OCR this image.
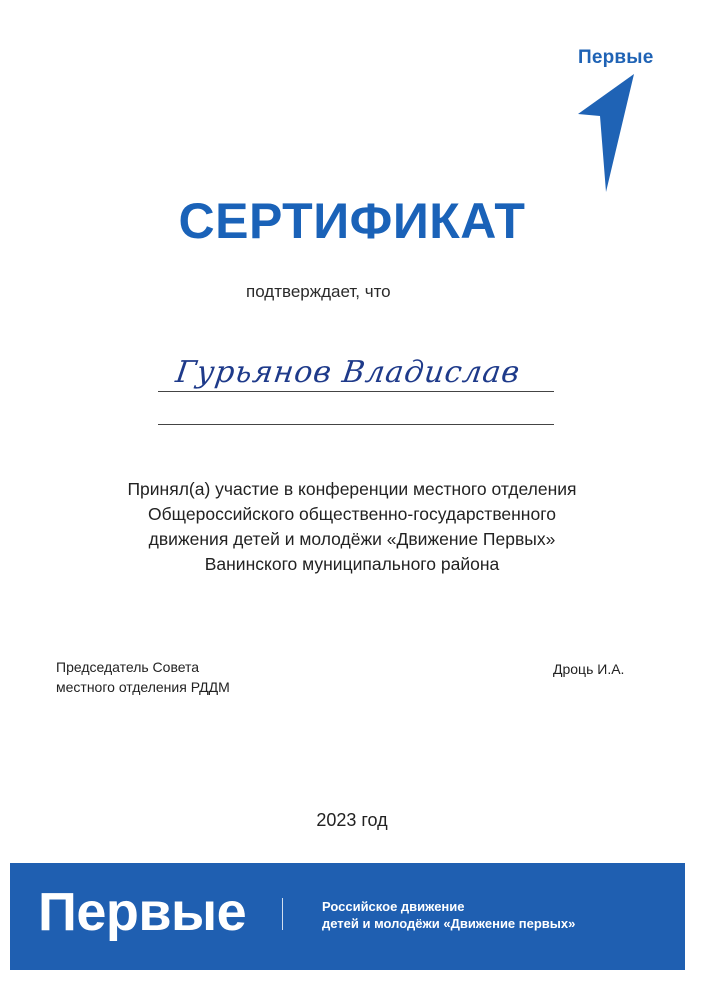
Первые
СЕРТИФИКАТ
подтверждает, что
Гурьянов Владислав
Принял(а) участие в конференции местного отделения
Общероссийского общественно-государственного
движения детей и молодёжи «Движение Первых»
Ванинского муниципального района
Председатель Совета
местного отделения РДДМ
Дроць И.А.
2023 год
Первые	Российское движение
детей и молодёжи «Движение первых»
